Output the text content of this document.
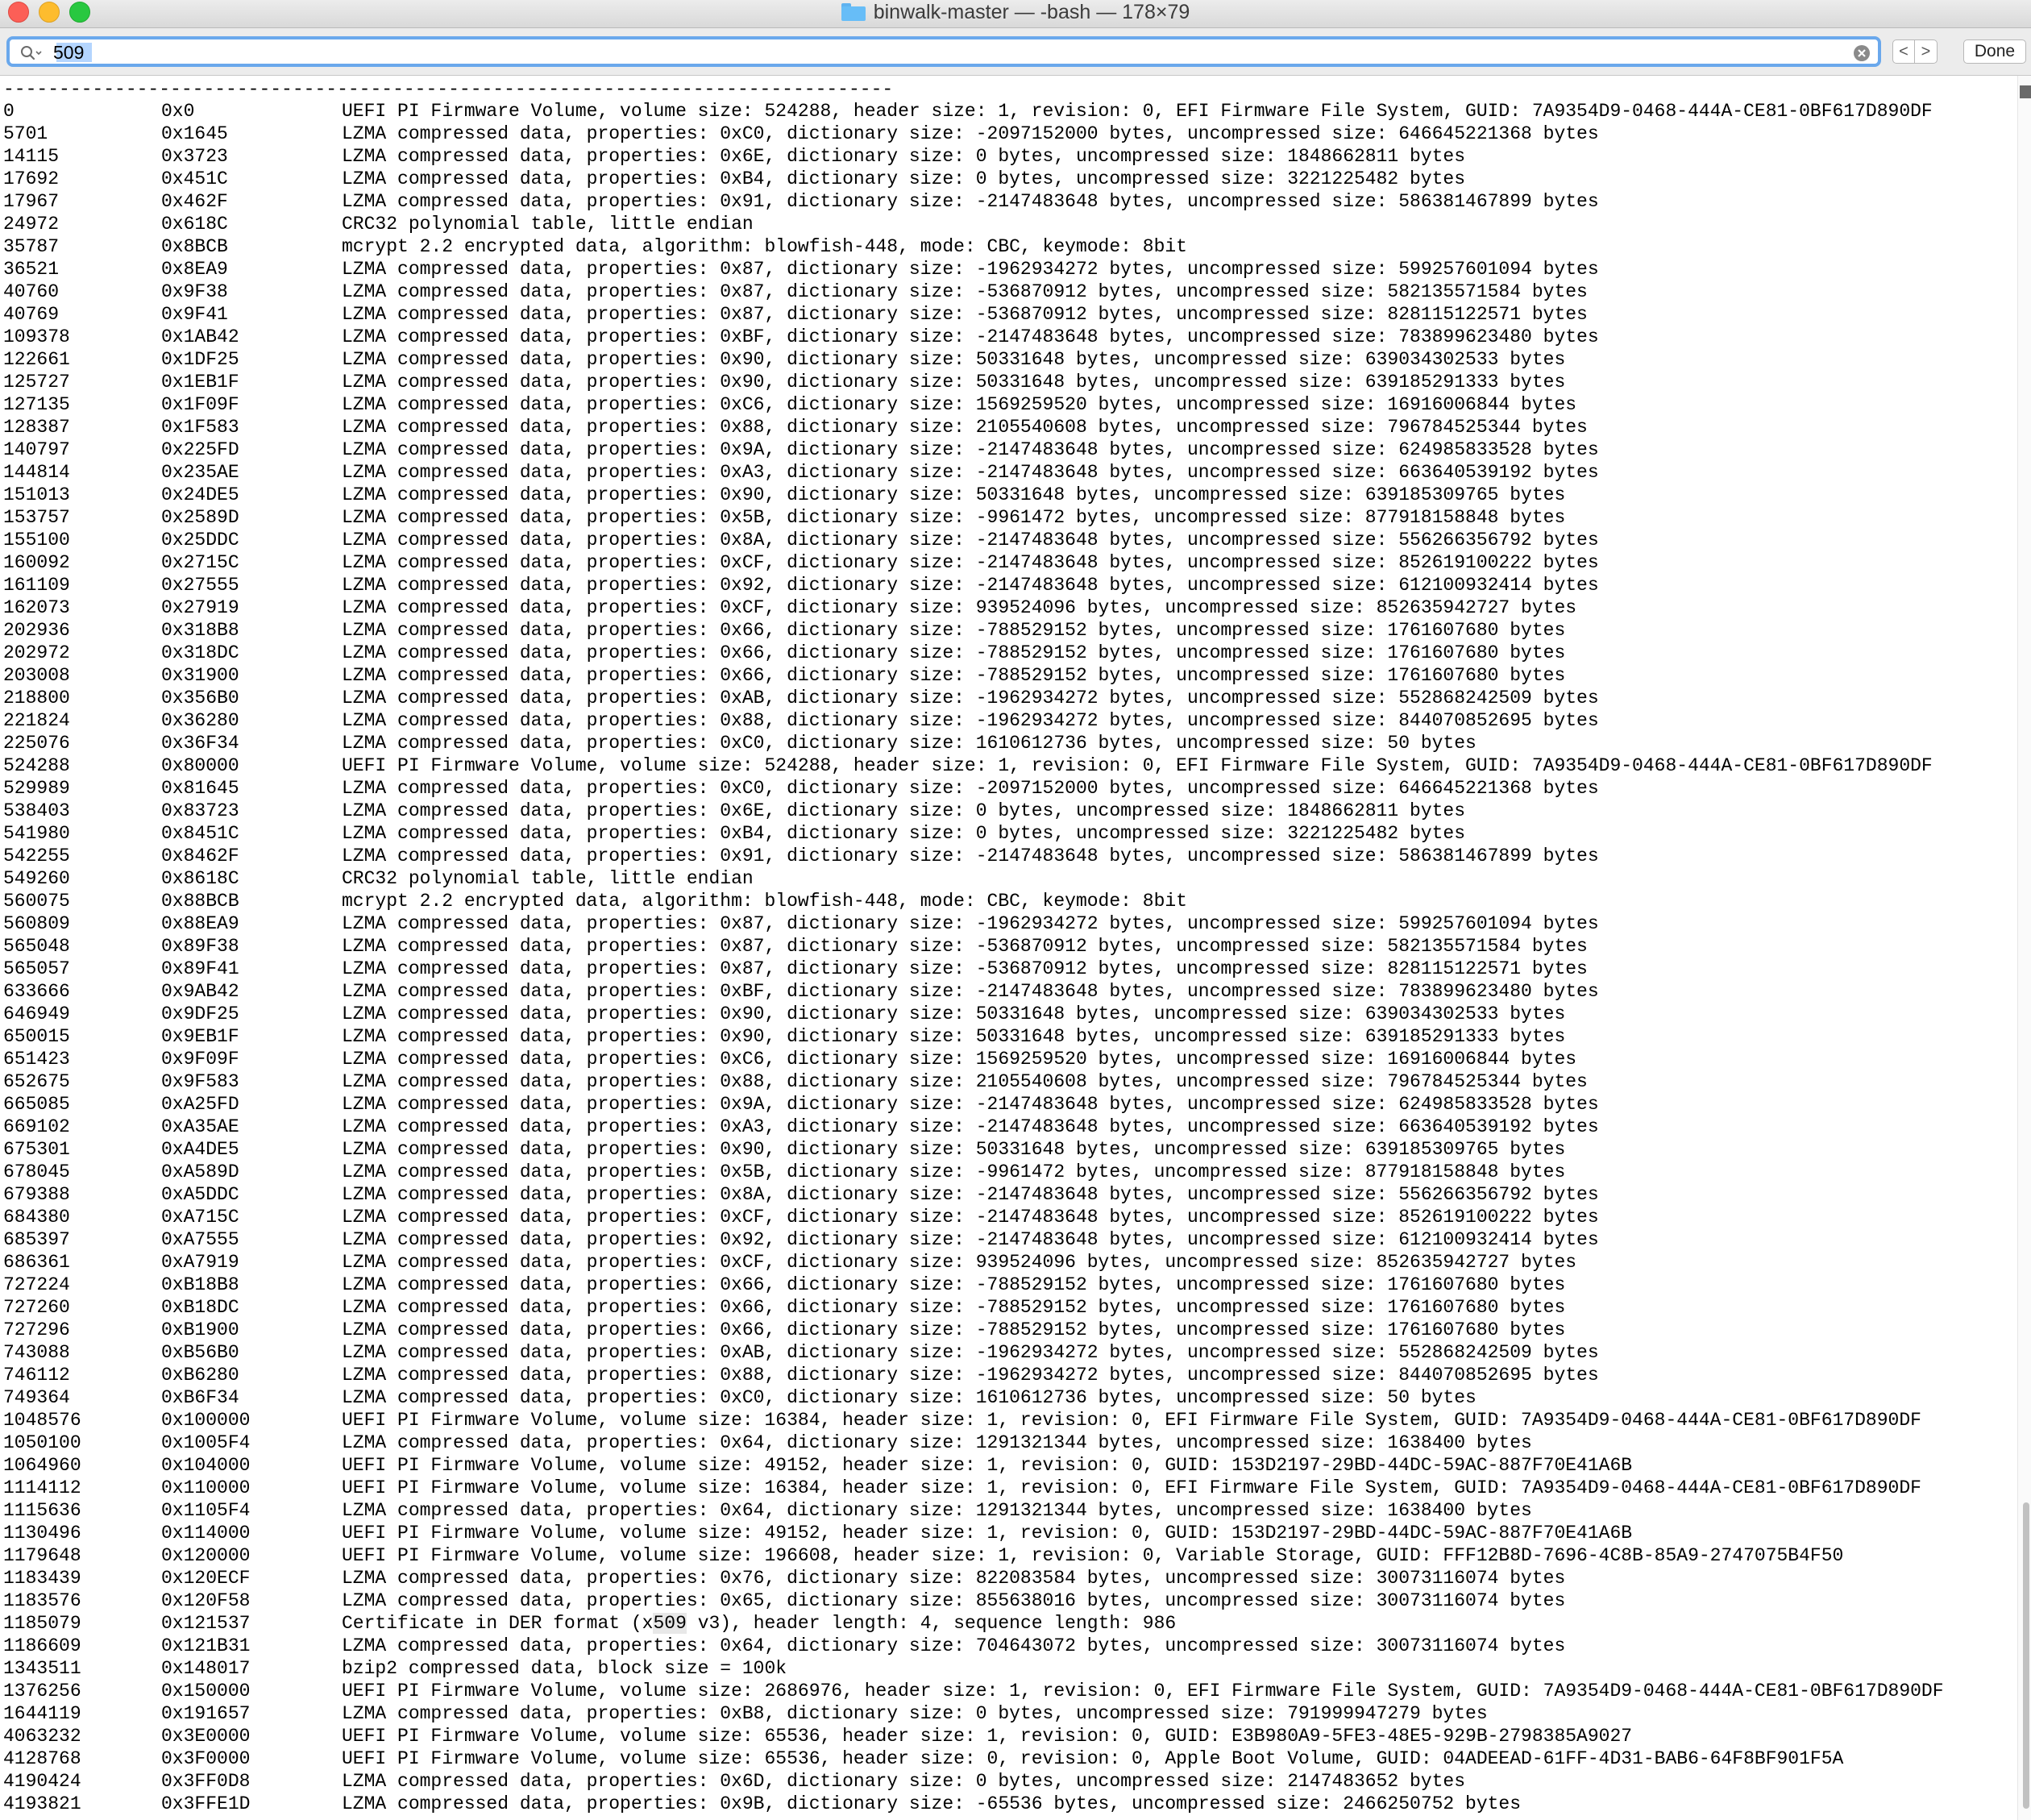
binwalk-master — -bash — 178×79
509
< >	Done
--------------------------------------------------------------------------------
0	0x0	UEFI PI Firmware Volume, volume size: 524288, header size: 1, revision: 0, EFI Firmware File System, GUID: 7A9354D9-0468-444A-CE81-0BF617D890DF
5701	0x1645	LZMA compressed data, properties: 0xC0, dictionary size: -2097152000 bytes, uncompressed size: 646645221368 bytes
14115	0x3723	LZMA compressed data, properties: 0x6E, dictionary size: 0 bytes, uncompressed size: 1848662811 bytes
17692	0x451C	LZMA compressed data, properties: 0xB4, dictionary size: 0 bytes, uncompressed size: 3221225482 bytes
17967	0x462F	LZMA compressed data, properties: 0x91, dictionary size: -2147483648 bytes, uncompressed size: 586381467899 bytes
24972	0x618C	CRC32 polynomial table, little endian
35787	0x8BCB	mcrypt 2.2 encrypted data, algorithm: blowfish-448, mode: CBC, keymode: 8bit
36521	0x8EA9	LZMA compressed data, properties: 0x87, dictionary size: -1962934272 bytes, uncompressed size: 599257601094 bytes
40760	0x9F38	LZMA compressed data, properties: 0x87, dictionary size: -536870912 bytes, uncompressed size: 582135571584 bytes
40769	0x9F41	LZMA compressed data, properties: 0x87, dictionary size: -536870912 bytes, uncompressed size: 828115122571 bytes
109378	0x1AB42	LZMA compressed data, properties: 0xBF, dictionary size: -2147483648 bytes, uncompressed size: 783899623480 bytes
122661	0x1DF25	LZMA compressed data, properties: 0x90, dictionary size: 50331648 bytes, uncompressed size: 639034302533 bytes
125727	0x1EB1F	LZMA compressed data, properties: 0x90, dictionary size: 50331648 bytes, uncompressed size: 639185291333 bytes
127135	0x1F09F	LZMA compressed data, properties: 0xC6, dictionary size: 1569259520 bytes, uncompressed size: 16916006844 bytes
128387	0x1F583	LZMA compressed data, properties: 0x88, dictionary size: 2105540608 bytes, uncompressed size: 796784525344 bytes
140797	0x225FD	LZMA compressed data, properties: 0x9A, dictionary size: -2147483648 bytes, uncompressed size: 624985833528 bytes
144814	0x235AE	LZMA compressed data, properties: 0xA3, dictionary size: -2147483648 bytes, uncompressed size: 663640539192 bytes
151013	0x24DE5	LZMA compressed data, properties: 0x90, dictionary size: 50331648 bytes, uncompressed size: 639185309765 bytes
153757	0x2589D	LZMA compressed data, properties: 0x5B, dictionary size: -9961472 bytes, uncompressed size: 877918158848 bytes
155100	0x25DDC	LZMA compressed data, properties: 0x8A, dictionary size: -2147483648 bytes, uncompressed size: 556266356792 bytes
160092	0x2715C	LZMA compressed data, properties: 0xCF, dictionary size: -2147483648 bytes, uncompressed size: 852619100222 bytes
161109	0x27555	LZMA compressed data, properties: 0x92, dictionary size: -2147483648 bytes, uncompressed size: 612100932414 bytes
162073	0x27919	LZMA compressed data, properties: 0xCF, dictionary size: 939524096 bytes, uncompressed size: 852635942727 bytes
202936	0x318B8	LZMA compressed data, properties: 0x66, dictionary size: -788529152 bytes, uncompressed size: 1761607680 bytes
202972	0x318DC	LZMA compressed data, properties: 0x66, dictionary size: -788529152 bytes, uncompressed size: 1761607680 bytes
203008	0x31900	LZMA compressed data, properties: 0x66, dictionary size: -788529152 bytes, uncompressed size: 1761607680 bytes
218800	0x356B0	LZMA compressed data, properties: 0xAB, dictionary size: -1962934272 bytes, uncompressed size: 552868242509 bytes
221824	0x36280	LZMA compressed data, properties: 0x88, dictionary size: -1962934272 bytes, uncompressed size: 844070852695 bytes
225076	0x36F34	LZMA compressed data, properties: 0xC0, dictionary size: 1610612736 bytes, uncompressed size: 50 bytes
524288	0x80000	UEFI PI Firmware Volume, volume size: 524288, header size: 1, revision: 0, EFI Firmware File System, GUID: 7A9354D9-0468-444A-CE81-0BF617D890DF
529989	0x81645	LZMA compressed data, properties: 0xC0, dictionary size: -2097152000 bytes, uncompressed size: 646645221368 bytes
538403	0x83723	LZMA compressed data, properties: 0x6E, dictionary size: 0 bytes, uncompressed size: 1848662811 bytes
541980	0x8451C	LZMA compressed data, properties: 0xB4, dictionary size: 0 bytes, uncompressed size: 3221225482 bytes
542255	0x8462F	LZMA compressed data, properties: 0x91, dictionary size: -2147483648 bytes, uncompressed size: 586381467899 bytes
549260	0x8618C	CRC32 polynomial table, little endian
560075	0x88BCB	mcrypt 2.2 encrypted data, algorithm: blowfish-448, mode: CBC, keymode: 8bit
560809	0x88EA9	LZMA compressed data, properties: 0x87, dictionary size: -1962934272 bytes, uncompressed size: 599257601094 bytes
565048	0x89F38	LZMA compressed data, properties: 0x87, dictionary size: -536870912 bytes, uncompressed size: 582135571584 bytes
565057	0x89F41	LZMA compressed data, properties: 0x87, dictionary size: -536870912 bytes, uncompressed size: 828115122571 bytes
633666	0x9AB42	LZMA compressed data, properties: 0xBF, dictionary size: -2147483648 bytes, uncompressed size: 783899623480 bytes
646949	0x9DF25	LZMA compressed data, properties: 0x90, dictionary size: 50331648 bytes, uncompressed size: 639034302533 bytes
650015	0x9EB1F	LZMA compressed data, properties: 0x90, dictionary size: 50331648 bytes, uncompressed size: 639185291333 bytes
651423	0x9F09F	LZMA compressed data, properties: 0xC6, dictionary size: 1569259520 bytes, uncompressed size: 16916006844 bytes
652675	0x9F583	LZMA compressed data, properties: 0x88, dictionary size: 2105540608 bytes, uncompressed size: 796784525344 bytes
665085	0xA25FD	LZMA compressed data, properties: 0x9A, dictionary size: -2147483648 bytes, uncompressed size: 624985833528 bytes
669102	0xA35AE	LZMA compressed data, properties: 0xA3, dictionary size: -2147483648 bytes, uncompressed size: 663640539192 bytes
675301	0xA4DE5	LZMA compressed data, properties: 0x90, dictionary size: 50331648 bytes, uncompressed size: 639185309765 bytes
678045	0xA589D	LZMA compressed data, properties: 0x5B, dictionary size: -9961472 bytes, uncompressed size: 877918158848 bytes
679388	0xA5DDC	LZMA compressed data, properties: 0x8A, dictionary size: -2147483648 bytes, uncompressed size: 556266356792 bytes
684380	0xA715C	LZMA compressed data, properties: 0xCF, dictionary size: -2147483648 bytes, uncompressed size: 852619100222 bytes
685397	0xA7555	LZMA compressed data, properties: 0x92, dictionary size: -2147483648 bytes, uncompressed size: 612100932414 bytes
686361	0xA7919	LZMA compressed data, properties: 0xCF, dictionary size: 939524096 bytes, uncompressed size: 852635942727 bytes
727224	0xB18B8	LZMA compressed data, properties: 0x66, dictionary size: -788529152 bytes, uncompressed size: 1761607680 bytes
727260	0xB18DC	LZMA compressed data, properties: 0x66, dictionary size: -788529152 bytes, uncompressed size: 1761607680 bytes
727296	0xB1900	LZMA compressed data, properties: 0x66, dictionary size: -788529152 bytes, uncompressed size: 1761607680 bytes
743088	0xB56B0	LZMA compressed data, properties: 0xAB, dictionary size: -1962934272 bytes, uncompressed size: 552868242509 bytes
746112	0xB6280	LZMA compressed data, properties: 0x88, dictionary size: -1962934272 bytes, uncompressed size: 844070852695 bytes
749364	0xB6F34	LZMA compressed data, properties: 0xC0, dictionary size: 1610612736 bytes, uncompressed size: 50 bytes
1048576	0x100000	UEFI PI Firmware Volume, volume size: 16384, header size: 1, revision: 0, EFI Firmware File System, GUID: 7A9354D9-0468-444A-CE81-0BF617D890DF
1050100	0x1005F4	LZMA compressed data, properties: 0x64, dictionary size: 1291321344 bytes, uncompressed size: 1638400 bytes
1064960	0x104000	UEFI PI Firmware Volume, volume size: 49152, header size: 1, revision: 0, GUID: 153D2197-29BD-44DC-59AC-887F70E41A6B
1114112	0x110000	UEFI PI Firmware Volume, volume size: 16384, header size: 1, revision: 0, EFI Firmware File System, GUID: 7A9354D9-0468-444A-CE81-0BF617D890DF
1115636	0x1105F4	LZMA compressed data, properties: 0x64, dictionary size: 1291321344 bytes, uncompressed size: 1638400 bytes
1130496	0x114000	UEFI PI Firmware Volume, volume size: 49152, header size: 1, revision: 0, GUID: 153D2197-29BD-44DC-59AC-887F70E41A6B
1179648	0x120000	UEFI PI Firmware Volume, volume size: 196608, header size: 1, revision: 0, Variable Storage, GUID: FFF12B8D-7696-4C8B-85A9-2747075B4F50
1183439	0x120ECF	LZMA compressed data, properties: 0x76, dictionary size: 822083584 bytes, uncompressed size: 30073116074 bytes
1183576	0x120F58	LZMA compressed data, properties: 0x65, dictionary size: 855638016 bytes, uncompressed size: 30073116074 bytes
1185079	0x121537	Certificate in DER format (x509 v3), header length: 4, sequence length: 986
1186609	0x121B31	LZMA compressed data, properties: 0x64, dictionary size: 704643072 bytes, uncompressed size: 30073116074 bytes
1343511	0x148017	bzip2 compressed data, block size = 100k
1376256	0x150000	UEFI PI Firmware Volume, volume size: 2686976, header size: 1, revision: 0, EFI Firmware File System, GUID: 7A9354D9-0468-444A-CE81-0BF617D890DF
1644119	0x191657	LZMA compressed data, properties: 0xB8, dictionary size: 0 bytes, uncompressed size: 791999947279 bytes
4063232	0x3E0000	UEFI PI Firmware Volume, volume size: 65536, header size: 1, revision: 0, GUID: E3B980A9-5FE3-48E5-929B-2798385A9027
4128768	0x3F0000	UEFI PI Firmware Volume, volume size: 65536, header size: 0, revision: 0, Apple Boot Volume, GUID: 04ADEEAD-61FF-4D31-BAB6-64F8BF901F5A
4190424	0x3FF0D8	LZMA compressed data, properties: 0x6D, dictionary size: 0 bytes, uncompressed size: 2147483652 bytes
4193821	0x3FFE1D	LZMA compressed data, properties: 0x9B, dictionary size: -65536 bytes, uncompressed size: 2466250752 bytes
